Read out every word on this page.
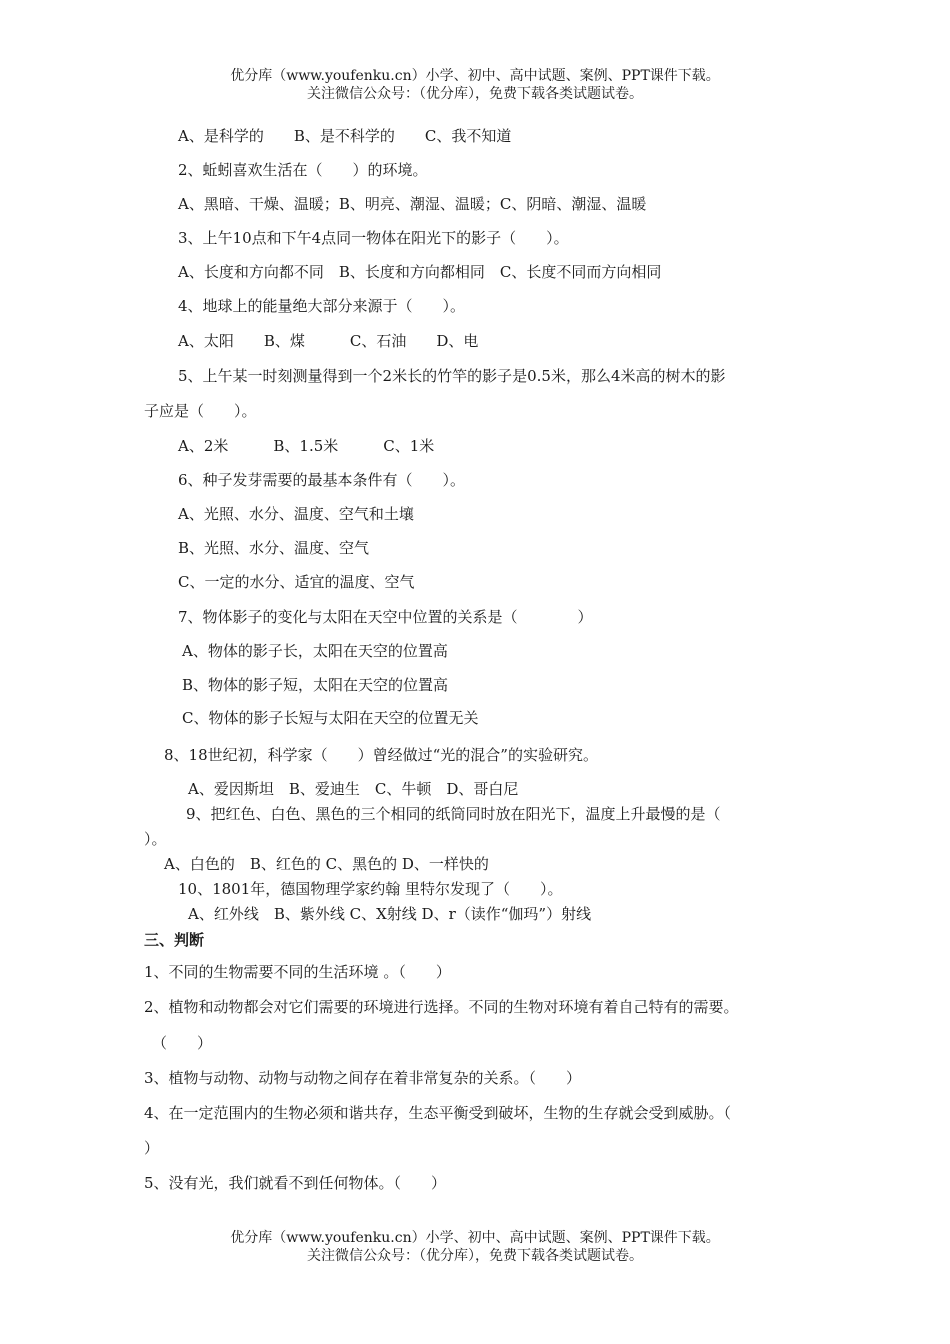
优分库（www.youfenku.cn）小学、初中、高中试题、案例、PPT课件下载。
关注微信公众号：（优分库），免费下载各类试题试卷。
A、是科学的　　B、是不科学的　　C、我不知道
2、蚯蚓喜欢生活在（　　）的环境。
A、黑暗、干燥、温暖；B、明亮、潮湿、温暖；C、阴暗、潮湿、温暖
3、上午10点和下午4点同一物体在阳光下的影子（　　）。
A、长度和方向都不同　B、长度和方向都相同　C、长度不同而方向相同
4、地球上的能量绝大部分来源于（　　）。
A、太阳　　B、煤　　　C、石油　　D、电
5、上午某一时刻测量得到一个2米长的竹竿的影子是0.5米，那么4米高的树木的影
子应是（　　）。
A、2米　　　B、1.5米　　　C、1米
6、种子发芽需要的最基本条件有（　　）。
A、光照、水分、温度、空气和土壤
B、光照、水分、温度、空气
C、一定的水分、适宜的温度、空气
7、物体影子的变化与太阳在天空中位置的关系是（　　　　）
A、物体的影子长，太阳在天空的位置高
B、物体的影子短，太阳在天空的位置高
C、物体的影子长短与太阳在天空的位置无关
8、18世纪初，科学家（　　）曾经做过“光的混合”的实验研究。
A、爱因斯坦　B、爱迪生　C、牛顿　D、哥白尼
9、把红色、白色、黑色的三个相同的纸筒同时放在阳光下，温度上升最慢的是（
）。
A、白色的　B、红色的 C、黑色的 D、一样快的
10、1801年，德国物理学家约翰 里特尔发现了（　　）。
A、红外线　B、紫外线 C、X射线 D、r（读作“伽玛”）射线
三、判断
1、不同的生物需要不同的生活环境 。（　　）
2、植物和动物都会对它们需要的环境进行选择。不同的生物对环境有着自己特有的需要。
（　　）
3、植物与动物、动物与动物之间存在着非常复杂的关系。（　　）
4、在一定范围内的生物必须和谐共存，生态平衡受到破坏，生物的生存就会受到威胁。（
）
5、没有光，我们就看不到任何物体。（　　）
优分库（www.youfenku.cn）小学、初中、高中试题、案例、PPT课件下载。
关注微信公众号：（优分库），免费下载各类试题试卷。
